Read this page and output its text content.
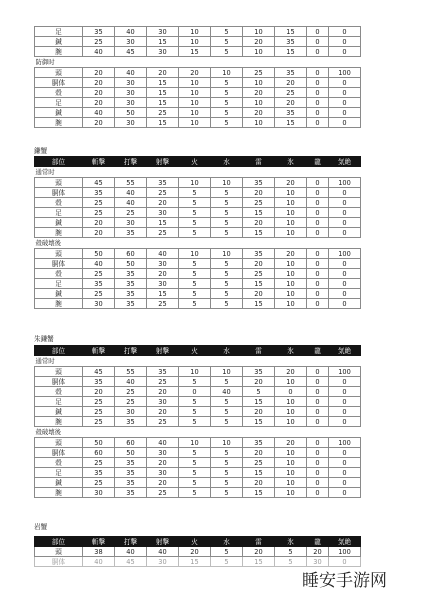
睡安手游网
足	35	40	30	10	5	10	15	0	0
鍼	25	30	15	10	5	20	35	0	0
腕	40	45	30	15	5	10	15	0	0
防御时									
頭	20	40	20	20	10	25	35	0	100
胴体	20	30	15	10	5	10	20	0	0
殻	20	30	15	10	5	20	25	0	0
足	20	30	15	10	5	10	20	0	0
鍼	40	50	25	10	5	20	35	0	0
腕	20	30	15	10	5	10	15	0	0
鎌蟹
部位	斬撃	打撃	射撃	火	水	雷	氷	龍	気絶
通常时									
頭	45	55	35	10	10	35	20	0	100
胴体	35	40	25	5	5	20	10	0	0
殻	25	40	20	5	5	25	10	0	0
足	25	25	30	5	5	15	10	0	0
鍼	20	30	15	5	5	20	10	0	0
腕	20	35	25	5	5	15	10	0	0
殻破壊後									
頭	50	60	40	10	10	35	20	0	100
胴体	40	50	30	5	5	20	10	0	0
殻	25	35	20	5	5	25	10	0	0
足	35	35	30	5	5	15	10	0	0
鍼	25	35	15	5	5	20	10	0	0
腕	30	35	25	5	5	15	10	0	0
朱鎌蟹
部位	斬撃	打撃	射撃	火	水	雷	氷	龍	気絶
通常时									
頭	45	55	35	10	10	35	20	0	100
胴体	35	40	25	5	5	20	10	0	0
殻	20	25	20	0	40	5	0	0	0
足	25	25	30	5	5	15	10	0	0
鍼	25	30	20	5	5	20	10	0	0
腕	25	35	25	5	5	15	10	0	0
殻破壊後									
頭	50	60	40	10	10	35	20	0	100
胴体	60	50	30	5	5	20	10	0	0
殻	25	35	20	5	5	25	10	0	0
足	35	35	30	5	5	15	10	0	0
鍼	25	35	20	5	5	20	10	0	0
腕	30	35	25	5	5	15	10	0	0
岩蟹
部位	斬撃	打撃	射撃	火	水	雷	氷	龍	気絶
頭	38	40	40	20	5	20	5	20	100
胴体	40	45	30	15	5	15	5	30	0
